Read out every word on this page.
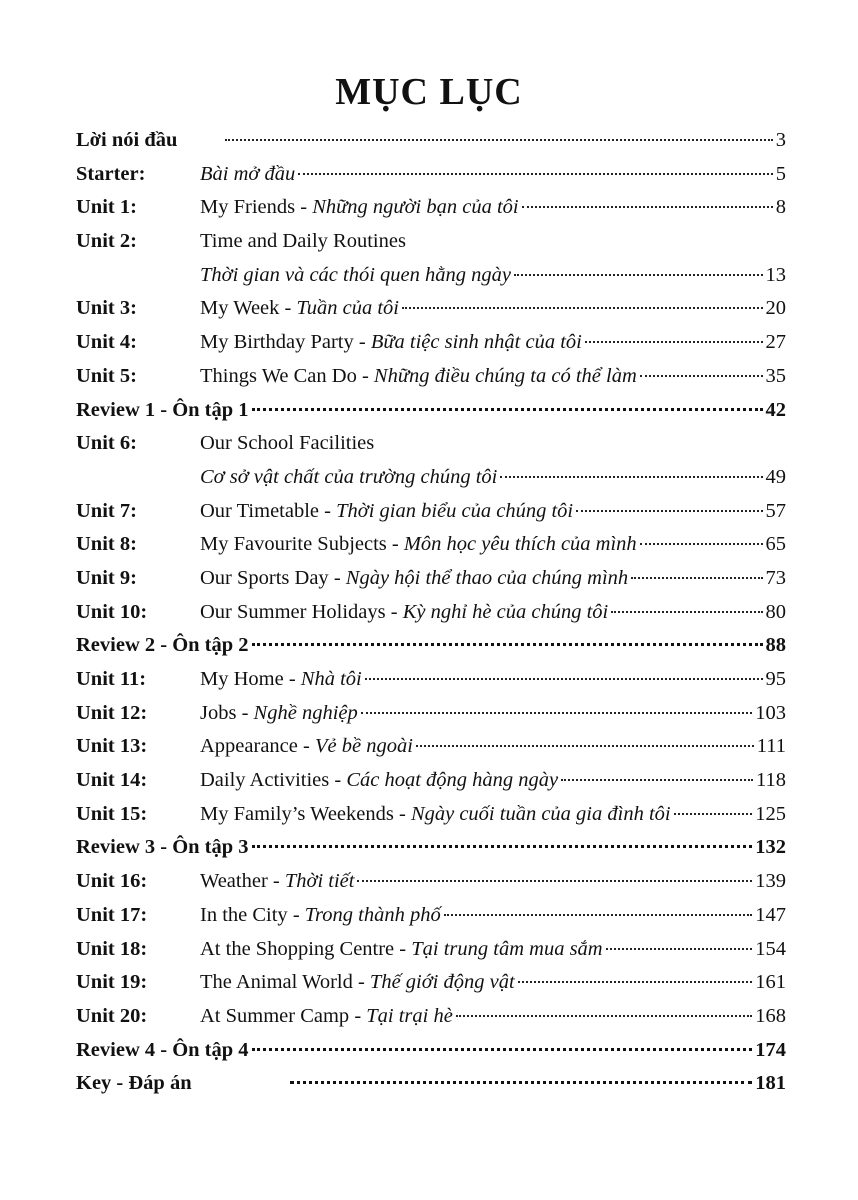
MỤC LỤC
Lời nói đầu	3
Starter:	Bài mở đầu	5
Unit 1:	My Friends - Những người bạn của tôi	8
Unit 2:	Time and Daily Routines
Thời gian và các thói quen hằng ngày	13
Unit 3:	My Week - Tuần của tôi	20
Unit 4:	My Birthday Party - Bữa tiệc sinh nhật của tôi	27
Unit 5:	Things We Can Do - Những điều chúng ta có thể làm	35
Review 1 - Ôn tập 1	42
Unit 6:	Our School Facilities
Cơ sở vật chất của trường chúng tôi	49
Unit 7:	Our Timetable - Thời gian biểu của chúng tôi	57
Unit 8:	My Favourite Subjects - Môn học yêu thích của mình	65
Unit 9:	Our Sports Day - Ngày hội thể thao của chúng mình	73
Unit 10:	Our Summer Holidays - Kỳ nghỉ hè của chúng tôi	80
Review 2 - Ôn tập 2	88
Unit 11:	My Home - Nhà tôi	95
Unit 12:	Jobs - Nghề nghiệp	103
Unit 13:	Appearance - Vẻ bề ngoài	111
Unit 14:	Daily Activities - Các hoạt động hàng ngày	118
Unit 15:	My Family’s Weekends - Ngày cuối tuần của gia đình tôi	125
Review 3 - Ôn tập 3	132
Unit 16:	Weather - Thời tiết	139
Unit 17:	In the City - Trong thành phố	147
Unit 18:	At the Shopping Centre - Tại trung tâm mua sắm	154
Unit 19:	The Animal World - Thế giới động vật	161
Unit 20:	At Summer Camp - Tại trại hè	168
Review 4 - Ôn tập 4	174
Key - Đáp án	181
